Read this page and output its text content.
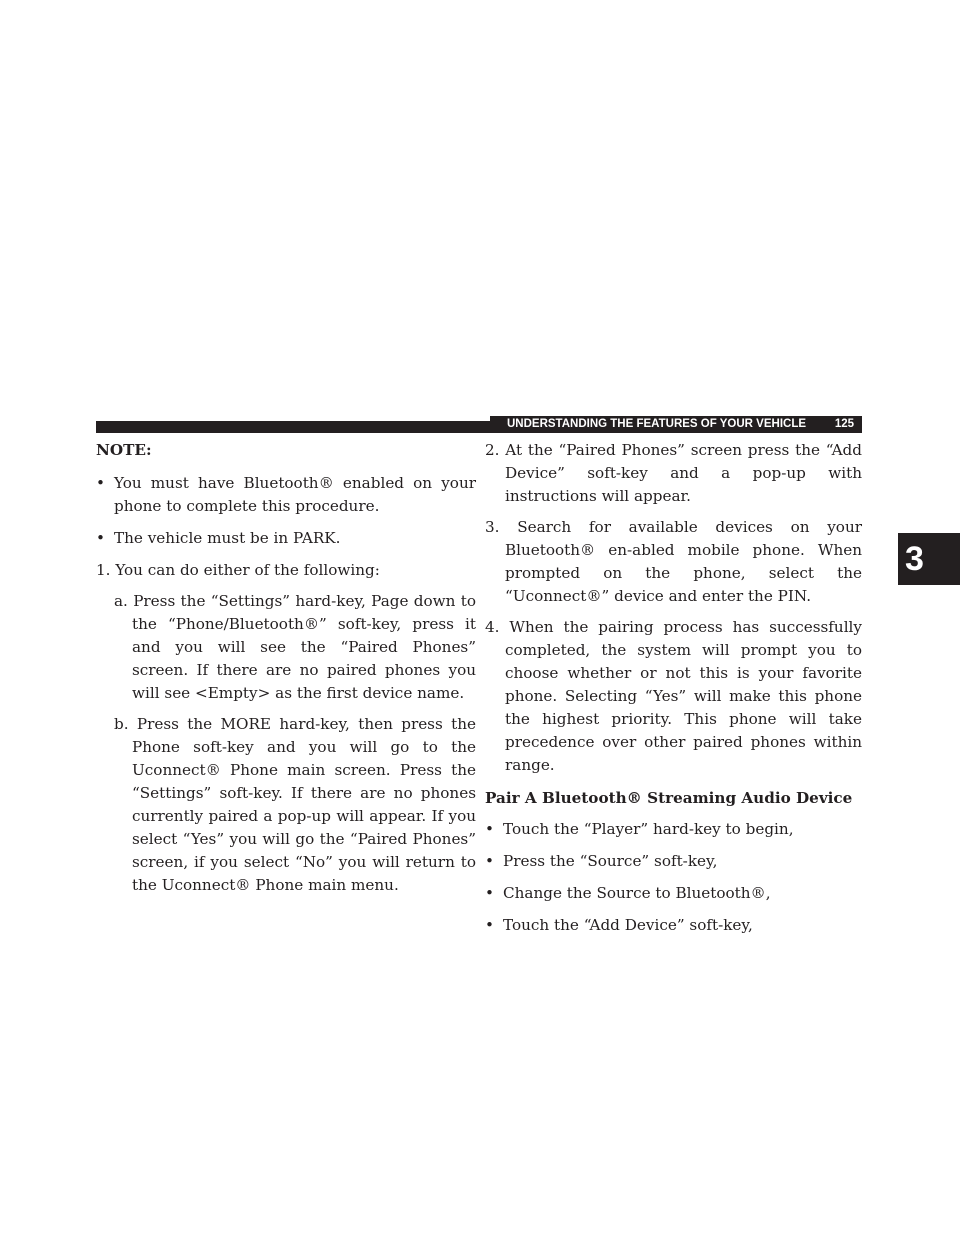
UNDERSTANDING THE FEATURES OF YOUR VEHICLE	125
3

NOTE:

• You must have Bluetooth® enabled on your phone to complete this procedure.

• The vehicle must be in PARK.

1. You can do either of the following:

a. Press the “Settings” hard-key, Page down to the “Phone/Bluetooth®” soft-key, press it and you will see the “Paired Phones” screen. If there are no paired phones you will see <Empty> as the first device name.

b. Press the MORE hard-key, then press the Phone soft-key and you will go to the Uconnect® Phone main screen. Press the “Settings” soft-key. If there are no phones currently paired a pop-up will appear. If you select “Yes” you will go the “Paired Phones” screen, if you select “No” you will return to the Uconnect® Phone main menu.

2. At the “Paired Phones” screen press the “Add Device” soft-key and a pop-up with instructions will appear.

3. Search for available devices on your Bluetooth® en-abled mobile phone. When prompted on the phone, select the “Uconnect®” device and enter the PIN.

4. When the pairing process has successfully completed, the system will prompt you to choose whether or not this is your favorite phone. Selecting “Yes” will make this phone the highest priority. This phone will take precedence over other paired phones within range.

Pair A Bluetooth® Streaming Audio Device

• Touch the “Player” hard-key to begin,

• Press the “Source” soft-key,

• Change the Source to Bluetooth®,

• Touch the “Add Device” soft-key,
